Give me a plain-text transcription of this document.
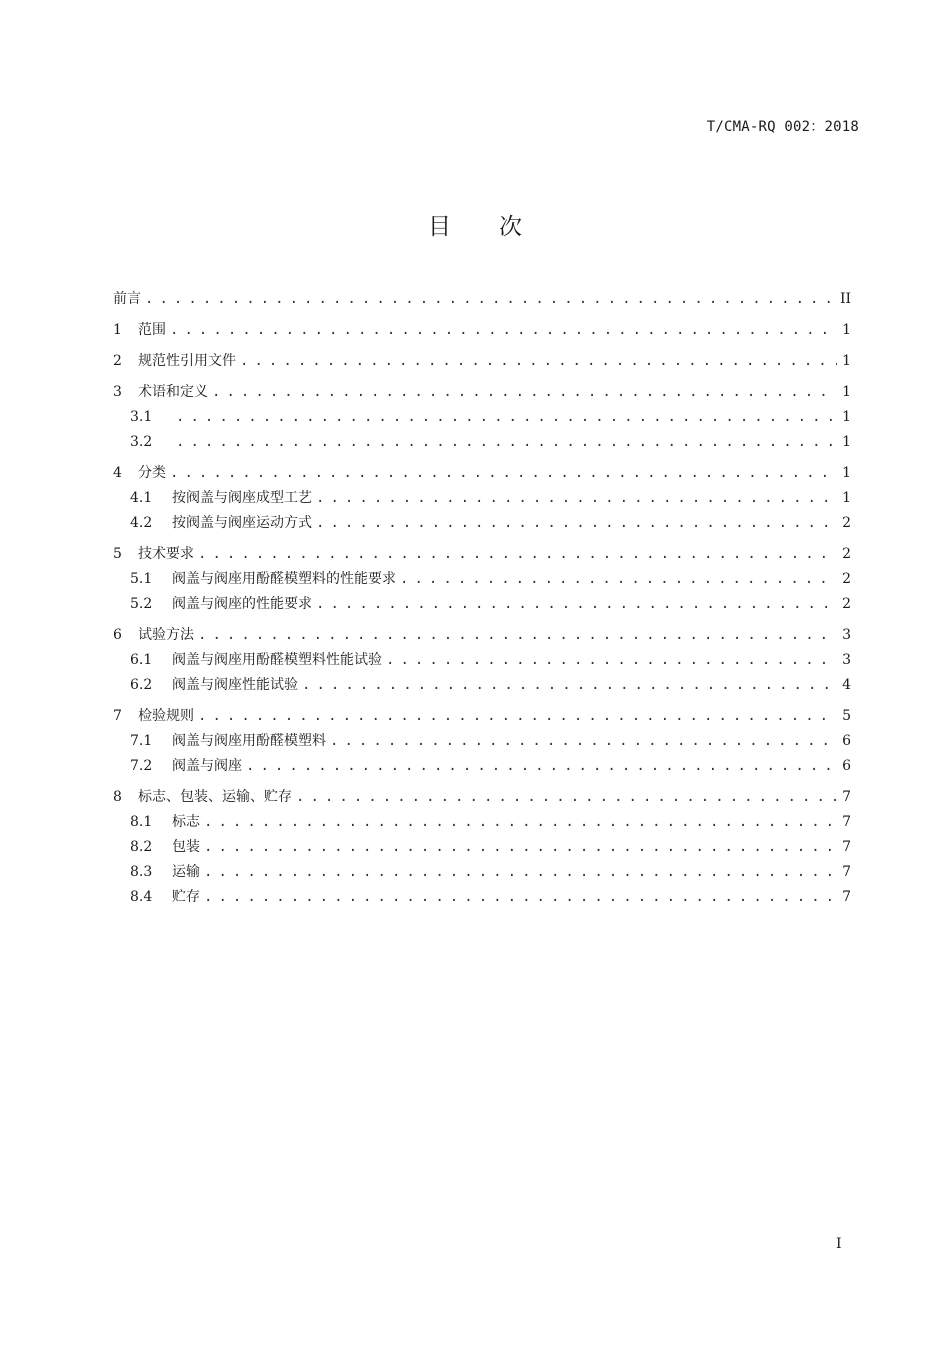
T/CMA-RQ 002：2018
目 次
前言 . . .	II
1	范围 . . .	1
2	规范性引用文件 . . .	1
3	术语和定义 . . .	1
3.1 . . .	1
3.2 . . .	1
4	分类 . . .	1
4.1	按阀盖与阀座成型工艺 . . .	1
4.2	按阀盖与阀座运动方式 . . .	2
5	技术要求 . . .	2
5.1	阀盖与阀座用酚醛模塑料的性能要求 . . .	2
5.2	阀盖与阀座的性能要求 . . .	2
6	试验方法 . . .	3
6.1	阀盖与阀座用酚醛模塑料性能试验 . . .	3
6.2	阀盖与阀座性能试验 . . .	4
7	检验规则 . . .	5
7.1	阀盖与阀座用酚醛模塑料 . . .	6
7.2	阀盖与阀座 . . .	6
8	标志、包装、运输、贮存 . . .	7
8.1	标志 . . .	7
8.2	包装 . . .	7
8.3	运输 . . .	7
8.4	贮存 . . .	7
I
